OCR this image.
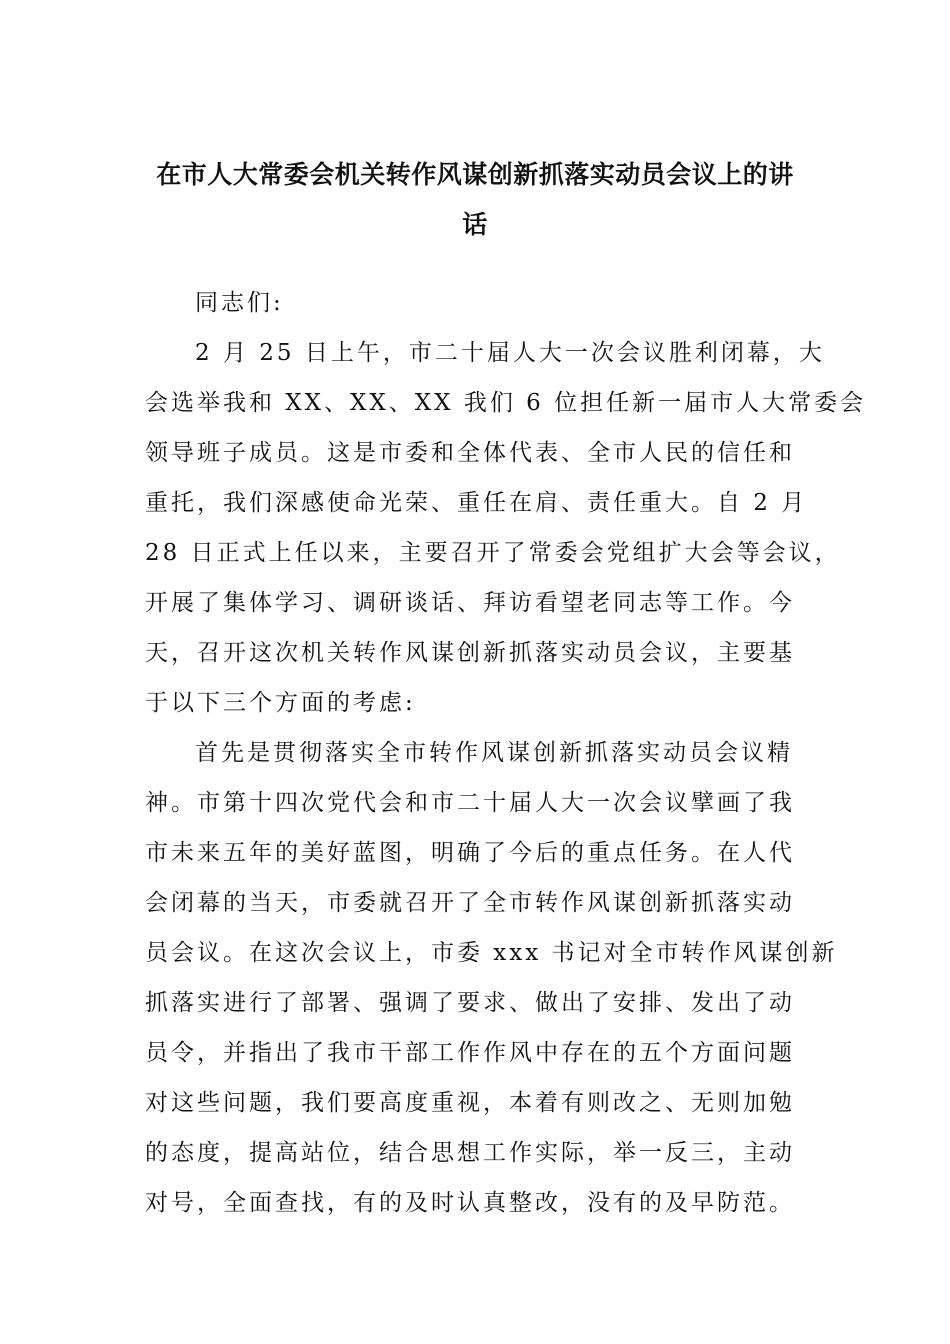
在市人大常委会机关转作风谋创新抓落实动员会议上的讲
话
同志们:
2 月 25 日上午，市二十届人大一次会议胜利闭幕，大
会选举我和 XX、XX、XX 我们 6 位担任新一届市人大常委会
领导班子成员。这是市委和全体代表、全市人民的信任和
重托，我们深感使命光荣、重任在肩、责任重大。自 2 月
28 日正式上任以来，主要召开了常委会党组扩大会等会议，
开展了集体学习、调研谈话、拜访看望老同志等工作。今
天，召开这次机关转作风谋创新抓落实动员会议，主要基
于以下三个方面的考虑:
首先是贯彻落实全市转作风谋创新抓落实动员会议精
神。市第十四次党代会和市二十届人大一次会议擘画了我
市未来五年的美好蓝图，明确了今后的重点任务。在人代
会闭幕的当天，市委就召开了全市转作风谋创新抓落实动
员会议。在这次会议上，市委 xxx 书记对全市转作风谋创新
抓落实进行了部署、强调了要求、做出了安排、发出了动
员令，并指出了我市干部工作作风中存在的五个方面问题
对这些问题，我们要高度重视，本着有则改之、无则加勉
的态度，提高站位，结合思想工作实际，举一反三，主动
对号，全面查找，有的及时认真整改，没有的及早防范。
